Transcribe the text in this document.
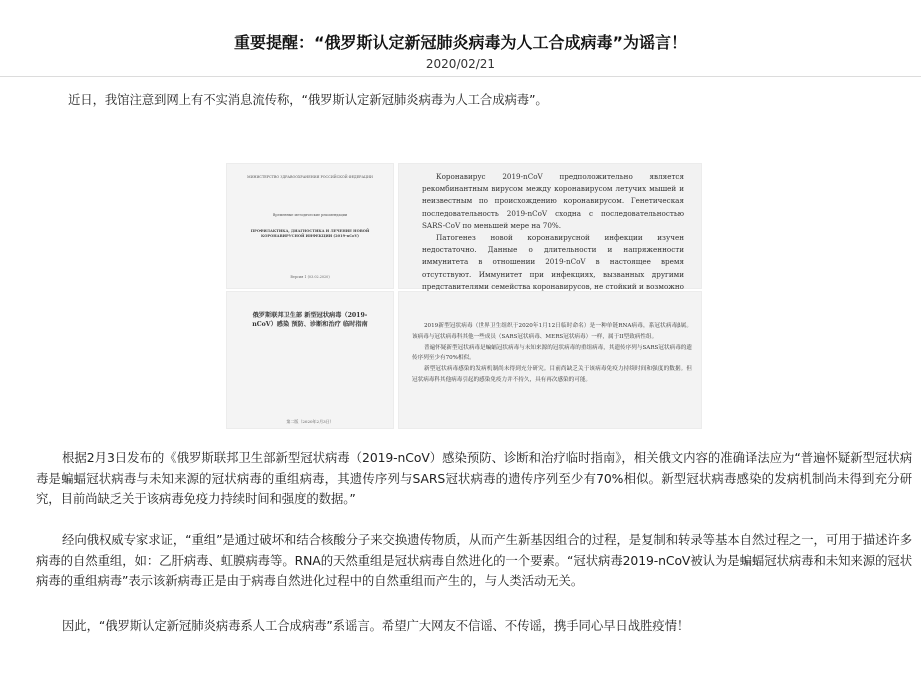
重要提醒：“俄罗斯认定新冠肺炎病毒为人工合成病毒”为谣言！
2020/02/21
近日，我馆注意到网上有不实消息流传称，“俄罗斯认定新冠肺炎病毒为人工合成病毒”。
МИНИСТЕРСТВО ЗДРАВООХРАНЕНИЯ РОССИЙСКОЙ ФЕДЕРАЦИИ
Временные методические рекомендации
ПРОФИЛАКТИКА, ДИАГНОСТИКА И ЛЕЧЕНИЕ НОВОЙ КОРОНАВИРУСНОЙ ИНФЕКЦИИ (2019-nCoV)
Версия 1 (03.02.2020)

Коронавирус 2019-nCoV предположительно является рекомбинантным вирусом между коронавирусом летучих мышей и неизвестным по происхождению коронавирусом. Генетическая последовательность 2019-nCoV сходна с последовательностью SARS-CoV по меньшей мере на 70%.

Патогенез новой коронавирусной инфекции изучен недостаточно. Данные о длительности и напряженности иммунитета в отношении 2019-nCoV в настоящее время отсутствуют. Иммунитет при инфекциях, вызванных другими представителями семейства коронавирусов, не стойкий и возможно

俄罗斯联邦卫生部 新型冠状病毒（2019-nCoV）感染 预防、诊断和治疗 临时指南
第二版（2020年2月3日）

2019新型冠状病毒（世界卫生组织于2020年1月12日临时命名）是一种单链RNA病毒，系冠状病毒β属。该病毒与冠状病毒科其他一些成员（SARS冠状病毒、MERS冠状病毒）一样，属于II型致病性组。

普遍怀疑新型冠状病毒是蝙蝠冠状病毒与未知来源的冠状病毒的重组病毒，其遗传序列与SARS冠状病毒的遗传序列至少有70%相似。

新型冠状病毒感染的发病机制尚未得到充分研究。目前尚缺乏关于该病毒免疫力持续时间和强度的数据。但冠状病毒科其他病毒引起的感染免疫力并不持久，具有再次感染的可能。

根据2月3日发布的《俄罗斯联邦卫生部新型冠状病毒（2019-nCoV）感染预防、诊断和治疗临时指南》，相关俄文内容的准确译法应为“普遍怀疑新型冠状病毒是蝙蝠冠状病毒与未知来源的冠状病毒的重组病毒，其遗传序列与SARS冠状病毒的遗传序列至少有70%相似。新型冠状病毒感染的发病机制尚未得到充分研究，目前尚缺乏关于该病毒免疫力持续时间和强度的数据。”
经向俄权威专家求证，“重组”是通过破坏和结合核酸分子来交换遗传物质，从而产生新基因组合的过程，是复制和转录等基本自然过程之一，可用于描述许多病毒的自然重组，如：乙肝病毒、虹膜病毒等。RNA的天然重组是冠状病毒自然进化的一个要素。“冠状病毒2019-nCoV被认为是蝙蝠冠状病毒和未知来源的冠状病毒的重组病毒”表示该新病毒正是由于病毒自然进化过程中的自然重组而产生的，与人类活动无关。
因此，“俄罗斯认定新冠肺炎病毒系人工合成病毒”系谣言。希望广大网友不信谣、不传谣，携手同心早日战胜疫情！
